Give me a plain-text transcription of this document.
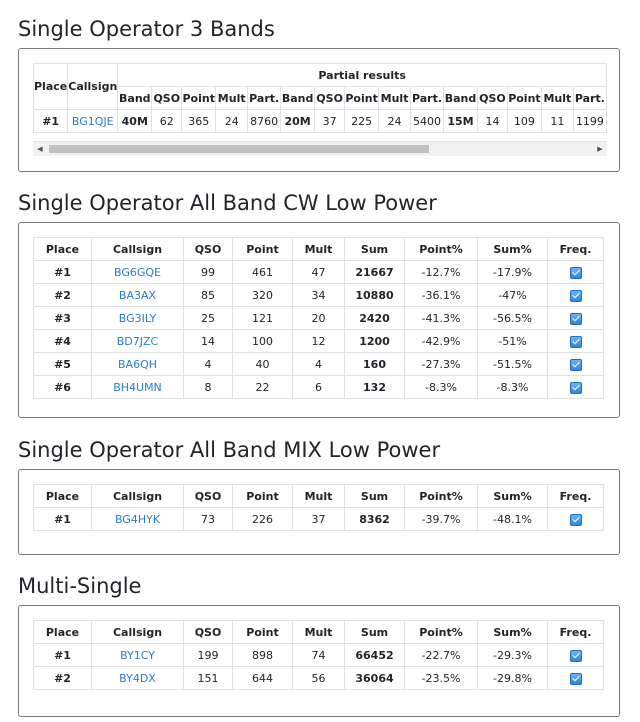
Single Operator 3 Bands
Place	Callsign	Partial results														
		Band	QSO	Point	Mult	Part.	Band	QSO	Point	Mult	Part.	Band	QSO	Point	Mult	Part.
#1	BG1QJE	40M	62	365	24	8760	20M	37	225	24	5400	15M	14	109	11	1199
◀	▶
Single Operator All Band CW Low Power
Place	Callsign	QSO	Point	Mult	Sum	Point%	Sum%	Freq.
#1	BG6GQE	99	461	47	21667	-12.7%	-17.9%	
#2	BA3AX	85	320	34	10880	-36.1%	-47%	
#3	BG3ILY	25	121	20	2420	-41.3%	-56.5%	
#4	BD7JZC	14	100	12	1200	-42.9%	-51%	
#5	BA6QH	4	40	4	160	-27.3%	-51.5%	
#6	BH4UMN	8	22	6	132	-8.3%	-8.3%	
Single Operator All Band MIX Low Power
Place	Callsign	QSO	Point	Mult	Sum	Point%	Sum%	Freq.
#1	BG4HYK	73	226	37	8362	-39.7%	-48.1%	
Multi-Single
Place	Callsign	QSO	Point	Mult	Sum	Point%	Sum%	Freq.
#1	BY1CY	199	898	74	66452	-22.7%	-29.3%	
#2	BY4DX	151	644	56	36064	-23.5%	-29.8%	
